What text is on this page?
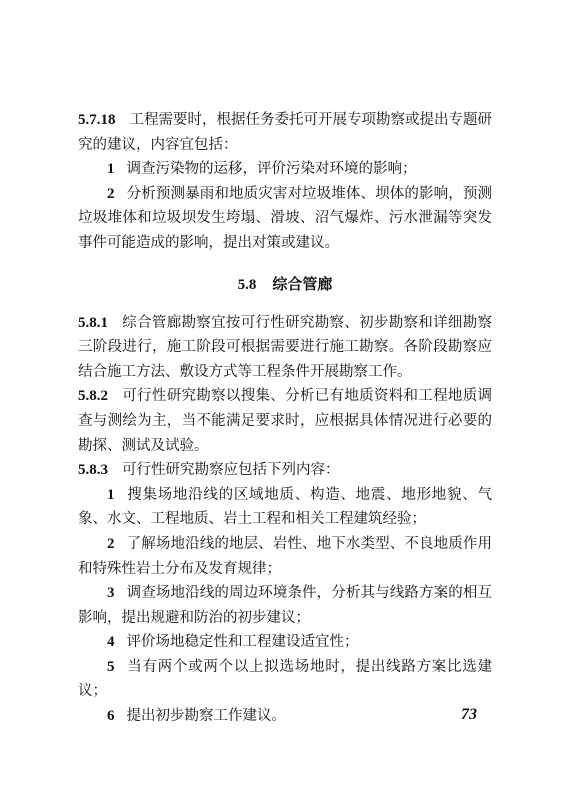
5.7.18 工程需要时，根据任务委托可开展专项勘察或提出专题研究的建议，内容宜包括：

1 调查污染物的运移，评价污染对环境的影响；

2 分析预测暴雨和地质灾害对垃圾堆体、坝体的影响，预测垃圾堆体和垃圾坝发生垮塌、滑坡、沼气爆炸、污水泄漏等突发事件可能造成的影响，提出对策或建议。

5.8 综合管廊

5.8.1 综合管廊勘察宜按可行性研究勘察、初步勘察和详细勘察三阶段进行，施工阶段可根据需要进行施工勘察。各阶段勘察应结合施工方法、敷设方式等工程条件开展勘察工作。

5.8.2 可行性研究勘察以搜集、分析已有地质资料和工程地质调查与测绘为主，当不能满足要求时，应根据具体情况进行必要的勘探、测试及试验。

5.8.3 可行性研究勘察应包括下列内容：

1 搜集场地沿线的区域地质、构造、地震、地形地貌、气象、水文、工程地质、岩土工程和相关工程建筑经验；

2 了解场地沿线的地层、岩性、地下水类型、不良地质作用和特殊性岩土分布及发育规律；

3 调查场地沿线的周边环境条件，分析其与线路方案的相互影响，提出规避和防治的初步建议；

4 评价场地稳定性和工程建设适宜性；

5 当有两个或两个以上拟选场地时，提出线路方案比选建议；

6 提出初步勘察工作建议。	73
